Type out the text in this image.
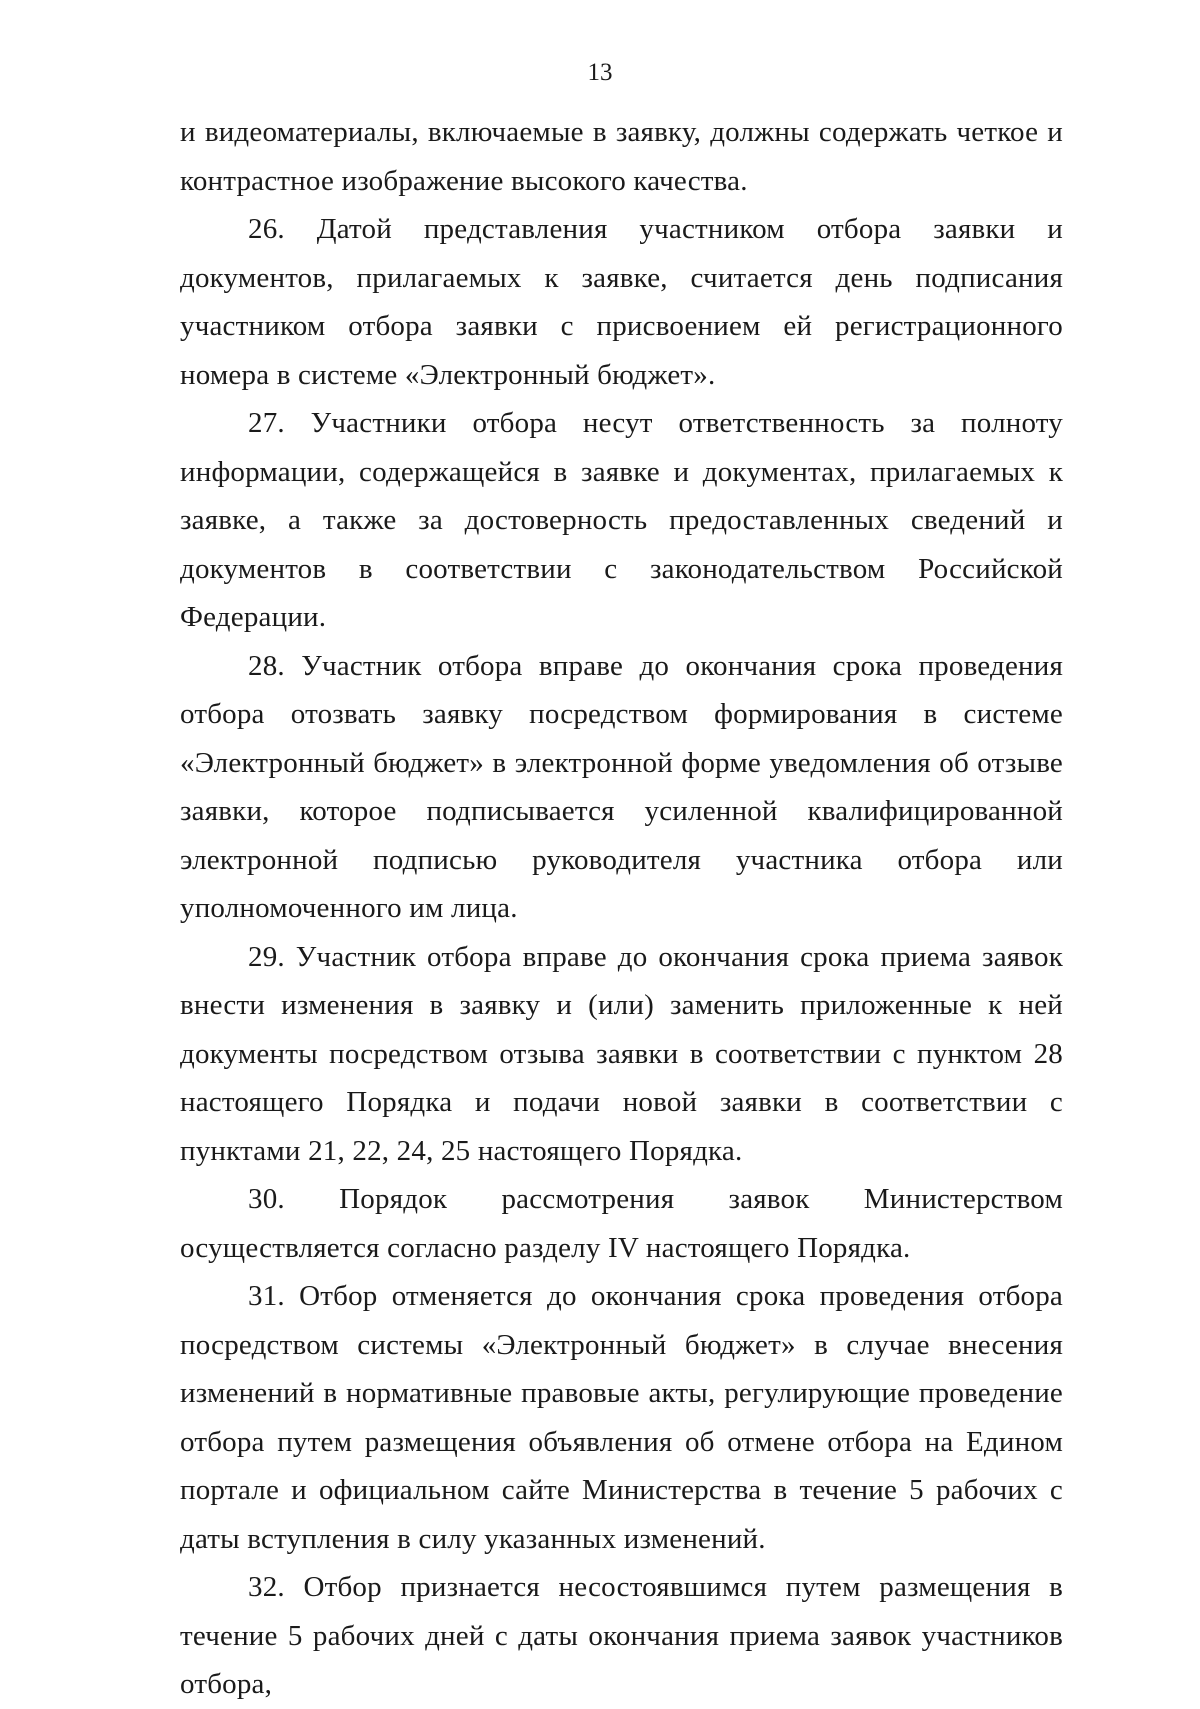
13

и видеоматериалы, включаемые в заявку, должны содержать четкое и контрастное изображение высокого качества.

26. Датой представления участником отбора заявки и документов, прилагаемых к заявке, считается день подписания участником отбора заявки с присвоением ей регистрационного номера в системе «Электронный бюджет».

27. Участники отбора несут ответственность за полноту информации, содержащейся в заявке и документах, прилагаемых к заявке, а также за достоверность предоставленных сведений и документов в соответствии с законодательством Российской Федерации.

28. Участник отбора вправе до окончания срока проведения отбора отозвать заявку посредством формирования в системе «Электронный бюджет» в электронной форме уведомления об отзыве заявки, которое подписывается усиленной квалифицированной электронной подписью руководителя участника отбора или уполномоченного им лица.

29. Участник отбора вправе до окончания срока приема заявок внести изменения в заявку и (или) заменить приложенные к ней документы посредством отзыва заявки в соответствии с пунктом 28 настоящего Порядка и подачи новой заявки в соответствии с пунктами 21, 22, 24, 25 настоящего Порядка.

30. Порядок рассмотрения заявок Министерством осуществляется согласно разделу IV настоящего Порядка.

31. Отбор отменяется до окончания срока проведения отбора посредством системы «Электронный бюджет» в случае внесения изменений в нормативные правовые акты, регулирующие проведение отбора путем размещения объявления об отмене отбора на Едином портале и официальном сайте Министерства в течение 5 рабочих с даты вступления в силу указанных изменений.

32. Отбор признается несостоявшимся путем размещения в течение 5 рабочих дней с даты окончания приема заявок участников отбора,
